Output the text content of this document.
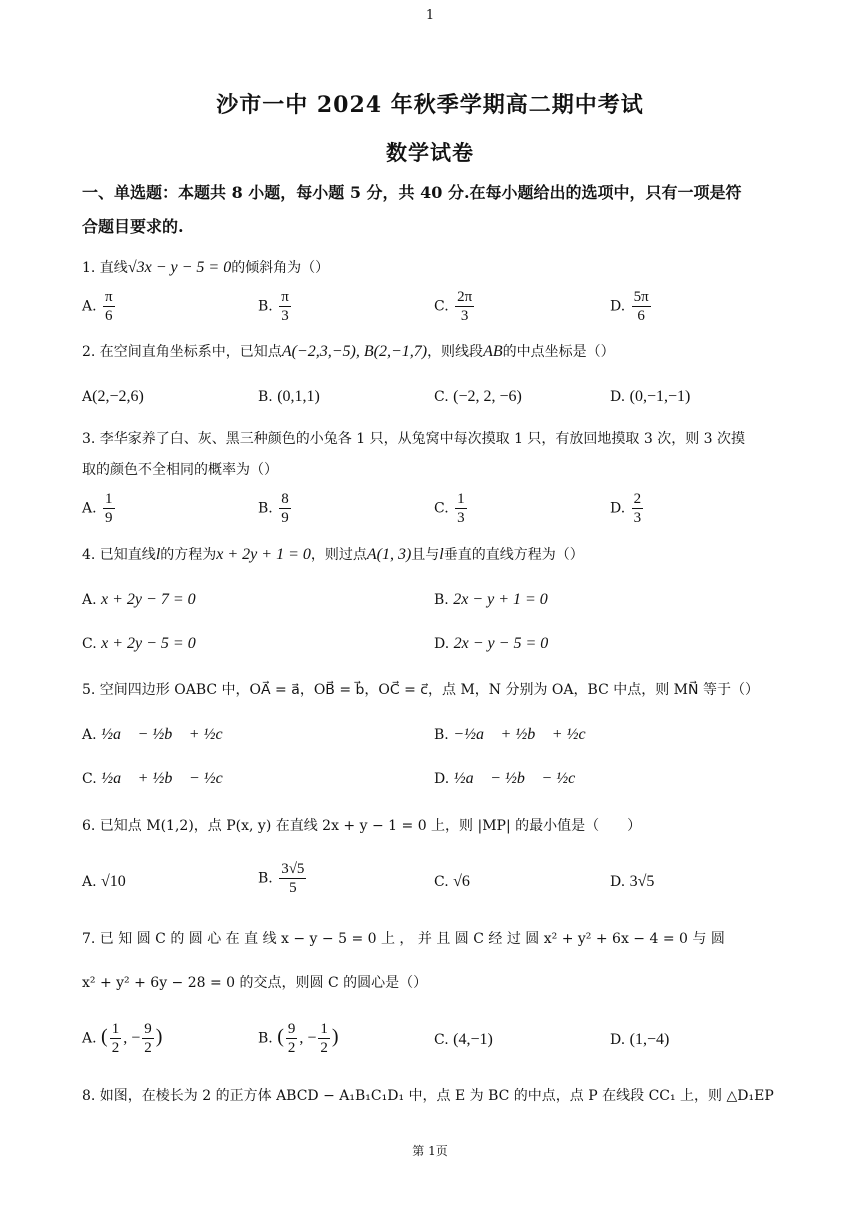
1
沙市一中 2024 年秋季学期高二期中考试
数学试卷
一、单选题：本题共 8 小题，每小题 5 分，共 40 分.在每小题给出的选项中，只有一项是符
合题目要求的.
1. 直线√3x − y − 5 = 0的倾斜角为（）
A. $\frac{\pi}{6}$	B. $\frac{\pi}{3}$	C. $\frac{2\pi}{3}$	D. $\frac{5\pi}{6}$
2. 在空间直角坐标系中，已知点A(−2,3,−5), B(2,−1,7)，则线段AB的中点坐标是（）
A(2,−2,6)	B. (0,1,1)	C. (−2, 2, −6)	D. (0,−1,−1)
3. 李华家养了白、灰、黑三种颜色的小兔各 1 只，从兔窝中每次摸取 1 只，有放回地摸取 3 次，则 3 次摸
取的颜色不全相同的概率为（）
A. $\frac{1}{9}$	B. $\frac{8}{9}$	C. $\frac{1}{3}$	D. $\frac{2}{3}$
4. 已知直线l的方程为x + 2y + 1 = 0，则过点A(1, 3)且与l垂直的直线方程为（）
A. x + 2y − 7 = 0	B. 2x − y + 1 = 0
C. x + 2y − 5 = 0	D. 2x − y − 5 = 0
5. 空间四边形 OABC 中，OA⃗ = a⃗，OB⃗ = b⃗，OC⃗ = c⃗，点 M，N 分别为 OA，BC 中点，则 MN⃗ 等于（）
A. ½a⃗ − ½b⃗ + ½c⃗	B. −½a⃗ + ½b⃗ + ½c⃗
C. ½a⃗ + ½b⃗ − ½c⃗	D. ½a⃗ − ½b⃗ − ½c⃗
6. 已知点 M(1,2)，点 P(x, y) 在直线 2x + y − 1 = 0 上，则 |MP| 的最小值是（　　）
A. √10	B. $\frac{3√5}{5}$	C. √6	D. 3√5
7. 已 知 圆 C 的 圆 心 在 直 线 x − y − 5 = 0 上 ， 并 且 圆 C 经 过 圆 x² + y² + 6x − 4 = 0 与 圆
x² + y² + 6y − 28 = 0 的交点，则圆 C 的圆心是（）
A. ( $\frac{1}{2}$ , − $\frac{9}{2}$ )	B. ( $\frac{9}{2}$ , − $\frac{1}{2}$ )	C. (4,−1)	D. (1,−4)
8. 如图，在棱长为 2 的正方体 ABCD − A₁B₁C₁D₁ 中，点 E 为 BC 的中点，点 P 在线段 CC₁ 上，则 △D₁EP
第 1页
